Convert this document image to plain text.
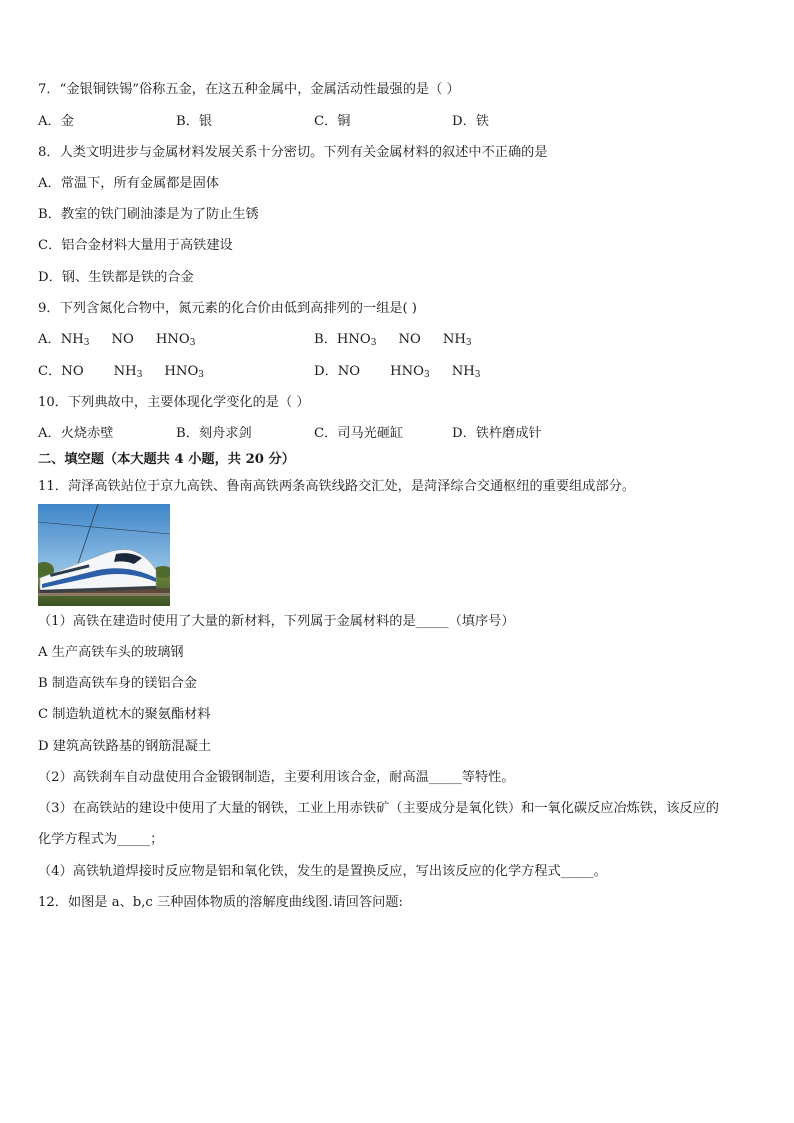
7．“金银铜铁锡”俗称五金，在这五种金属中，金属活动性最强的是（ ）
A．金	B．银	C．铜	D．铁
8．人类文明进步与金属材料发展关系十分密切。下列有关金属材料的叙述中不正确的是
A．常温下，所有金属都是固体
B．教室的铁门刷油漆是为了防止生锈
C．铝合金材料大量用于高铁建设
D．钢、生铁都是铁的合金
9．下列含氮化合物中，氮元素的化合价由低到高排列的一组是( )
A．$NH_3$ NO $HNO_3$	B．$HNO_3$ NO $NH_3$
C．NO $NH_3$ $HNO_3$	D．NO $HNO_3$ $NH_3$
10．下列典故中，主要体现化学变化的是（ ）
A．火烧赤壁	B．刻舟求剑	C．司马光砸缸	D．铁杵磨成针
二、填空题（本大题共 4 小题，共 20 分）
11．菏泽高铁站位于京九高铁、鲁南高铁两条高铁线路交汇处，是菏泽综合交通枢纽的重要组成部分。
（1）高铁在建造时使用了大量的新材料，下列属于金属材料的是_____（填序号）
A 生产高铁车头的玻璃钢
B 制造高铁车身的镁铝合金
C 制造轨道枕木的聚氨酯材料
D 建筑高铁路基的钢筋混凝土
（2）高铁刹车自动盘使用合金锻钢制造，主要利用该合金，耐高温_____等特性。
（3）在高铁站的建设中使用了大量的钢铁，工业上用赤铁矿（主要成分是氧化铁）和一氧化碳反应冶炼铁，该反应的
化学方程式为_____；
（4）高铁轨道焊接时反应物是铝和氧化铁，发生的是置换反应，写出该反应的化学方程式_____。
12．如图是 a、b,c 三种固体物质的溶解度曲线图.请回答问题:
